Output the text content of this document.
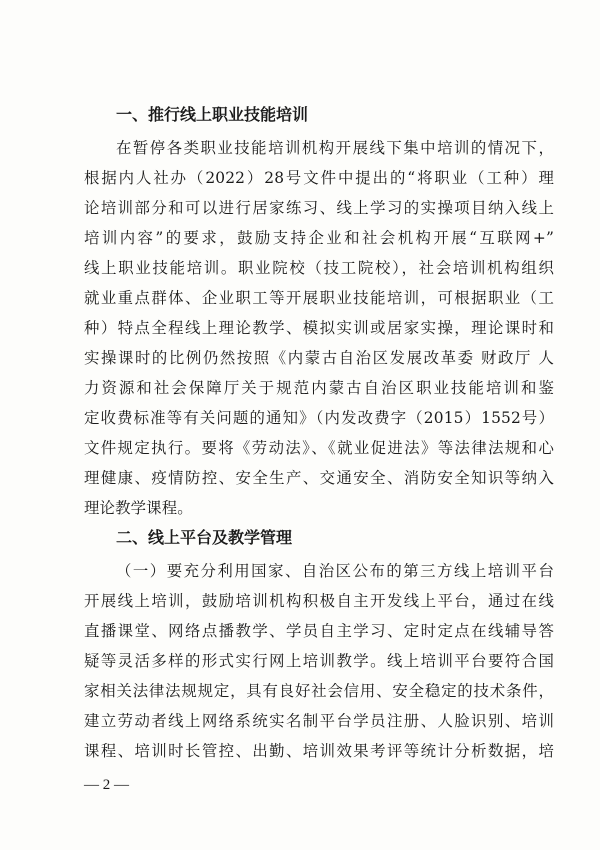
一、推行线上职业技能培训
在暂停各类职业技能培训机构开展线下集中培训的情况下，
根据内人社办（2022）28号文件中提出的“将职业（工种）理
论培训部分和可以进行居家练习、线上学习的实操项目纳入线上
培训内容”的要求，鼓励支持企业和社会机构开展“互联网+”
线上职业技能培训。职业院校（技工院校），社会培训机构组织
就业重点群体、企业职工等开展职业技能培训，可根据职业（工
种）特点全程线上理论教学、模拟实训或居家实操，理论课时和
实操课时的比例仍然按照《内蒙古自治区发展改革委 财政厅 人
力资源和社会保障厅关于规范内蒙古自治区职业技能培训和鉴
定收费标准等有关问题的通知》（内发改费字（2015）1552号）
文件规定执行。要将《劳动法》、《就业促进法》等法律法规和心
理健康、疫情防控、安全生产、交通安全、消防安全知识等纳入
理论教学课程。
二、线上平台及教学管理
（一）要充分利用国家、自治区公布的第三方线上培训平台
开展线上培训，鼓励培训机构积极自主开发线上平台，通过在线
直播课堂、网络点播教学、学员自主学习、定时定点在线辅导答
疑等灵活多样的形式实行网上培训教学。线上培训平台要符合国
家相关法律法规规定，具有良好社会信用、安全稳定的技术条件，
建立劳动者线上网络系统实名制平台学员注册、人脸识别、培训
课程、培训时长管控、出勤、培训效果考评等统计分析数据，培
— 2 —
